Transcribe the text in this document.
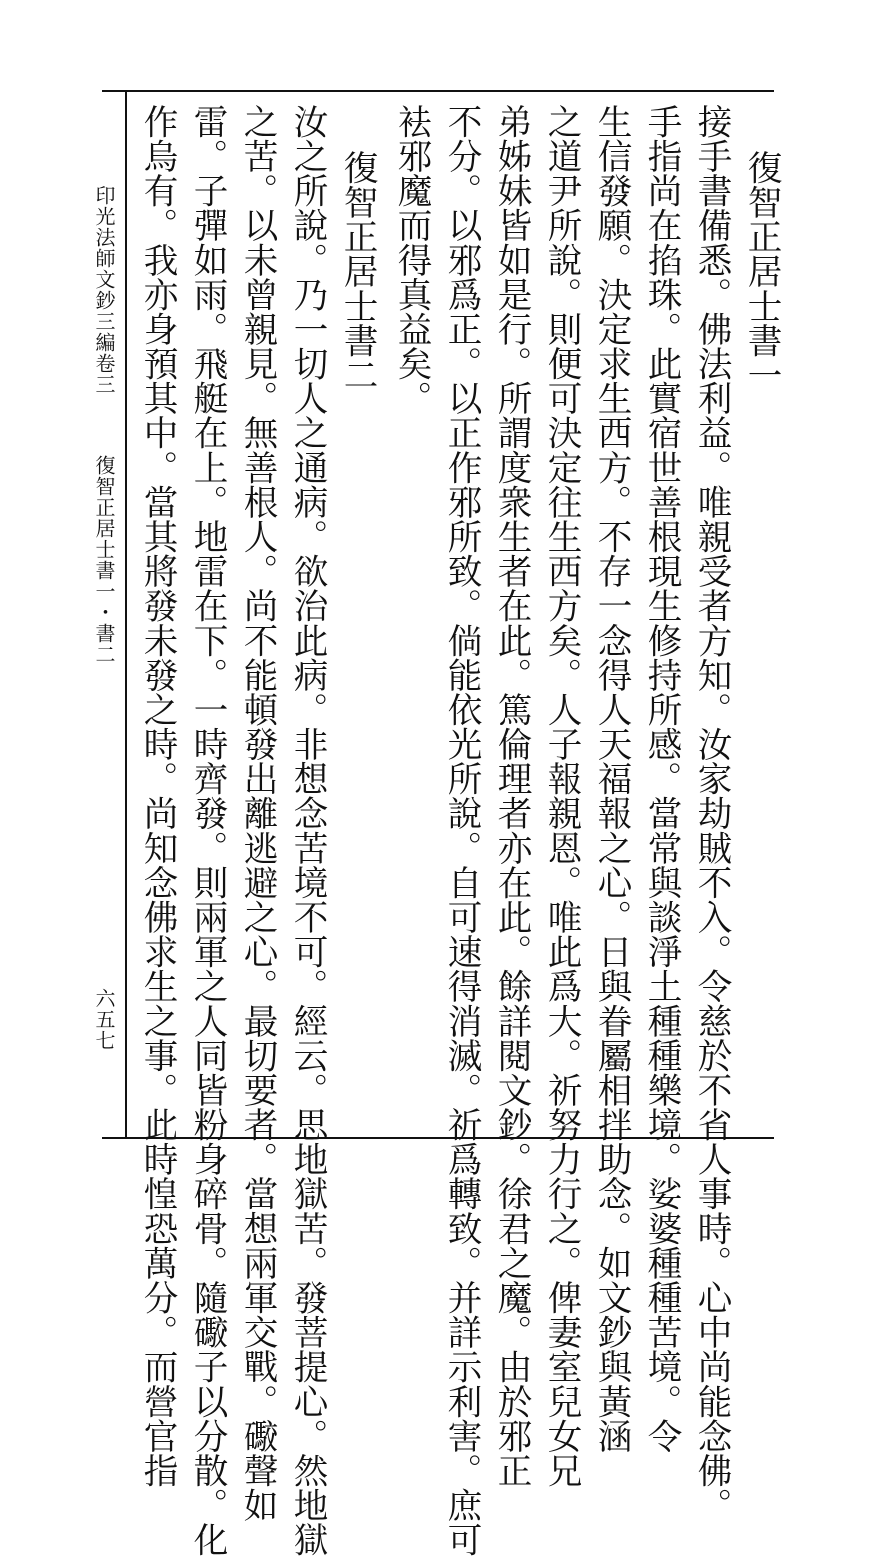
印光法師文鈔三編卷三
復智正居士書一・書二
六五七
復智正居士書一
接手書備悉。佛法利益。唯親受者方知。汝家劫賊不入。令慈於不省人事時。心中尚能念佛。
手指尚在掐珠。此實宿世善根現生修持所感。當常與談淨土種種樂境。娑婆種種苦境。令
生信發願。決定求生西方。不存一念得人天福報之心。日與眷屬相拌助念。如文鈔與黃涵
之道尹所說。則便可決定往生西方矣。人子報親恩。唯此爲大。祈努力行之。俾妻室兒女兄
弟姊妹皆如是行。所謂度衆生者在此。篤倫理者亦在此。餘詳閱文鈔。徐君之魔。由於邪正
不分。以邪爲正。以正作邪所致。倘能依光所說。自可速得消滅。祈爲轉致。并詳示利害。庶可
袪邪魔而得真益矣。
復智正居士書二
汝之所說。乃一切人之通病。欲治此病。非想念苦境不可。經云。思地獄苦。發菩提心。然地獄
之苦。以未曾親見。無善根人。尚不能頓發出離逃避之心。最切要者。當想兩軍交戰。礮聲如
雷。子彈如雨。飛艇在上。地雷在下。一時齊發。則兩軍之人同皆粉身碎骨。隨礮子以分散。化
作烏有。我亦身預其中。當其將發未發之時。尚知念佛求生之事。此時惶恐萬分。而營官指
